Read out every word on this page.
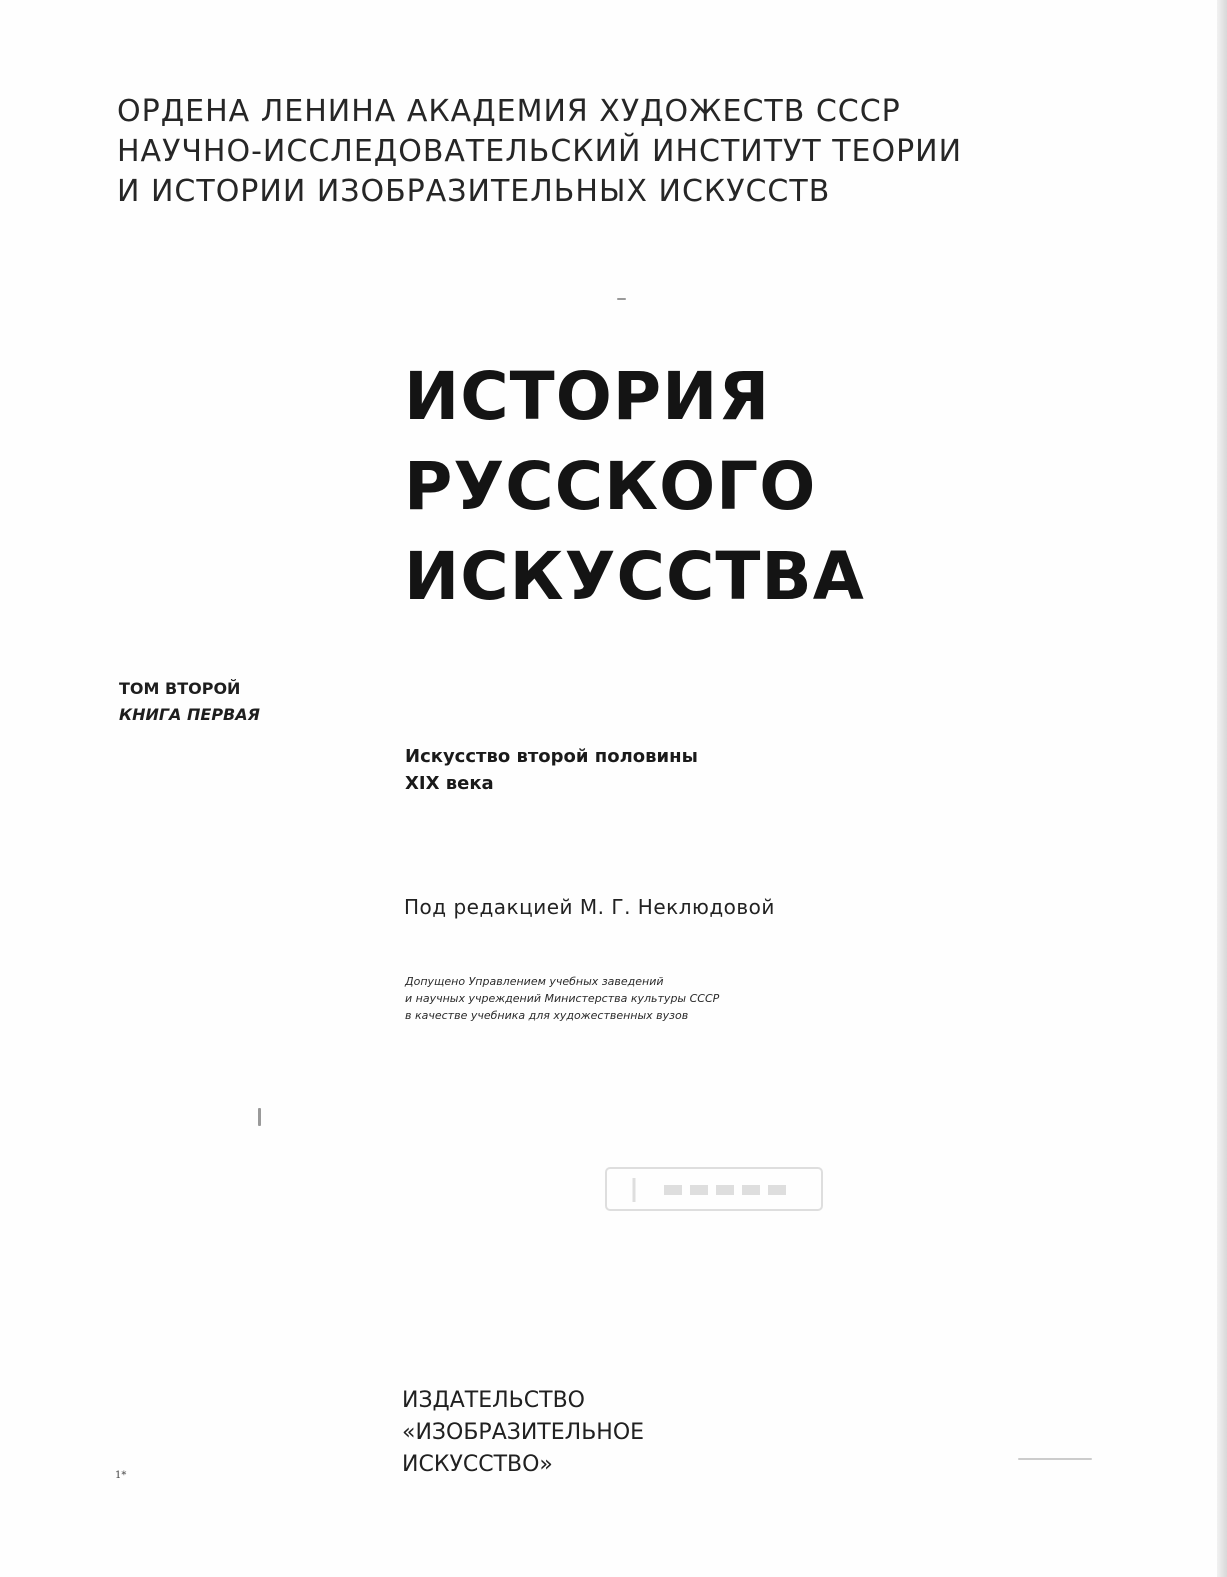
ОРДЕНА ЛЕНИНА АКАДЕМИЯ ХУДОЖЕСТВ СССР
НАУЧНО-ИССЛЕДОВАТЕЛЬСКИЙ ИНСТИТУТ ТЕОРИИ
И ИСТОРИИ ИЗОБРАЗИТЕЛЬНЫХ ИСКУССТВ
ИСТОРИЯ
РУССКОГО
ИСКУССТВА
ТОМ ВТОРОЙ
КНИГА ПЕРВАЯ
Искусство второй половины
XIX века
Под редакцией М. Г. Неклюдовой
Допущено Управлением учебных заведений
и научных учреждений Министерства культуры СССР
в качестве учебника для художественных вузов
ИЗДАТЕЛЬСТВО
«ИЗОБРАЗИТЕЛЬНОЕ
ИСКУССТВО»
1*
